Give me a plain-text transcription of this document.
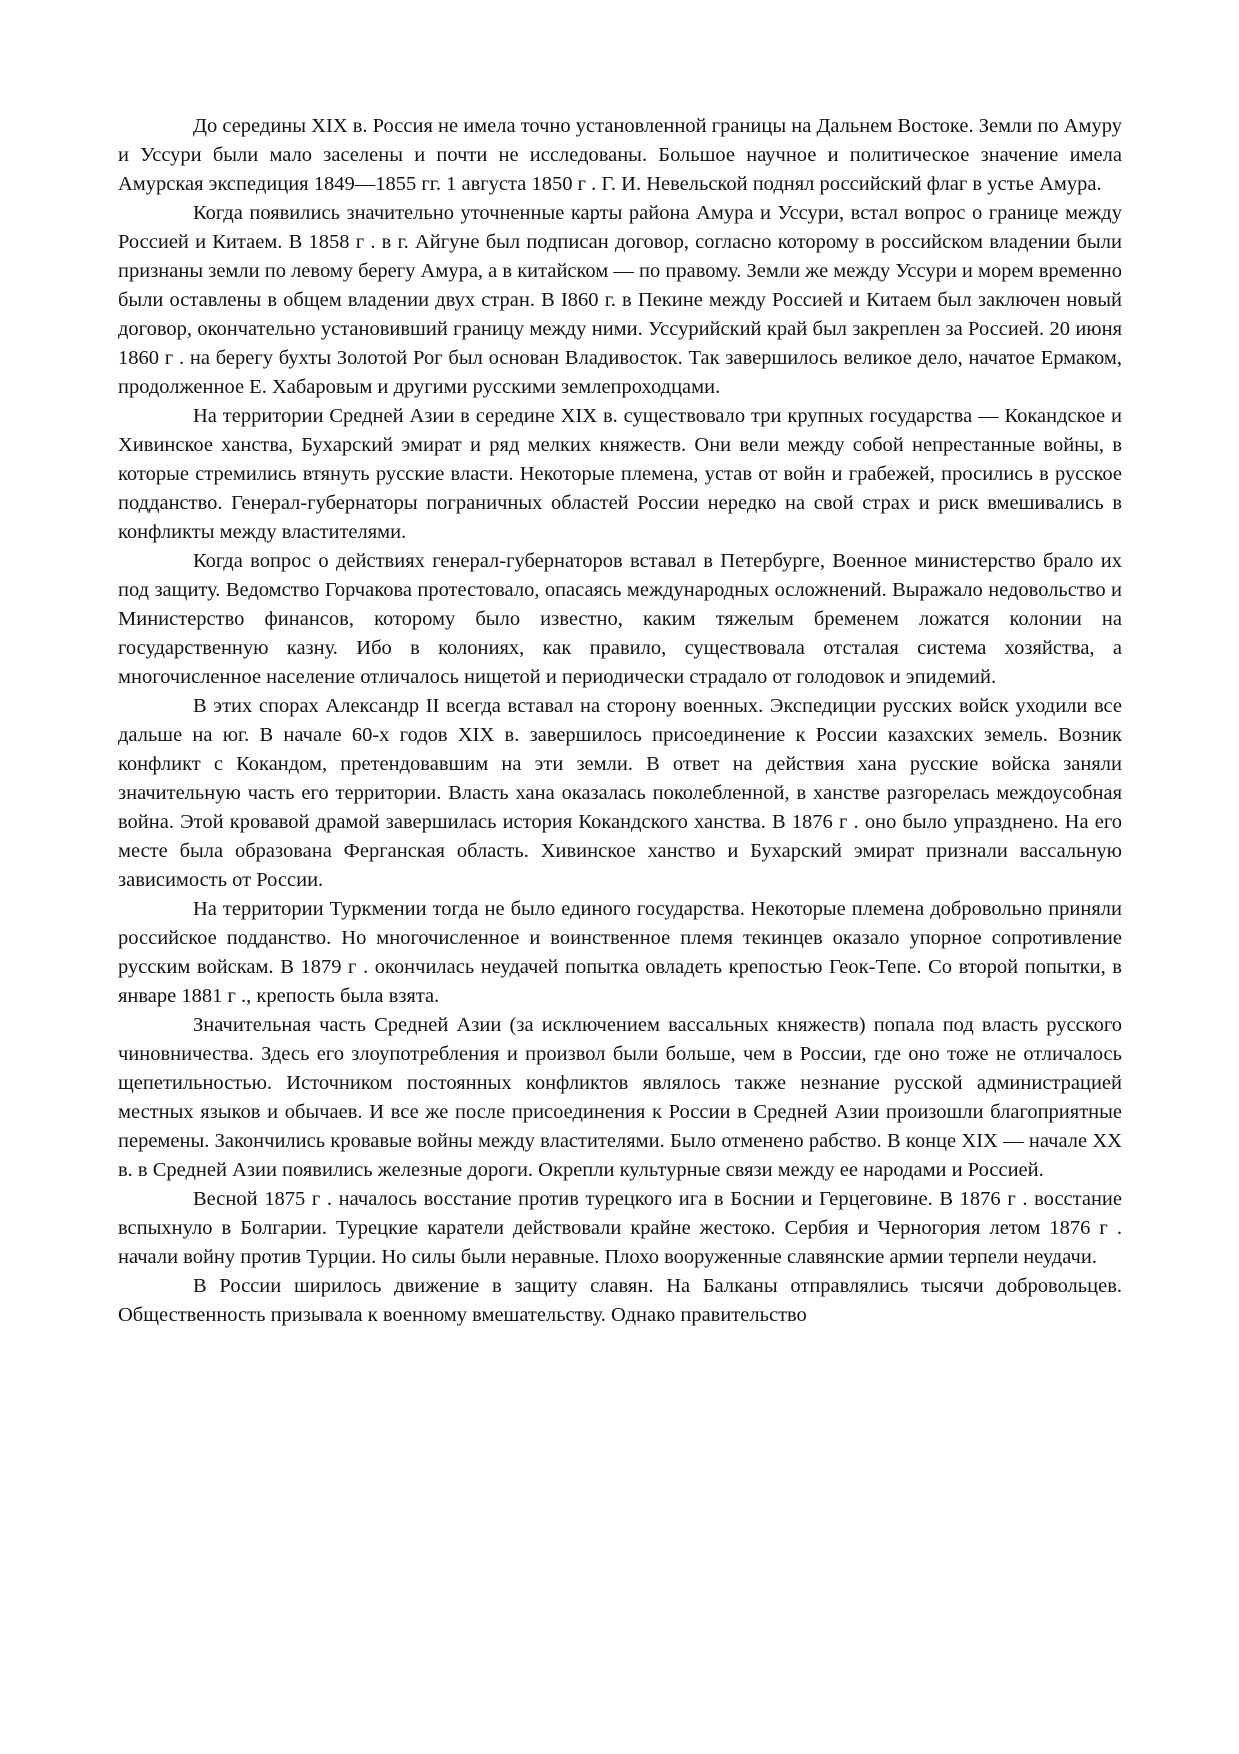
До середины XIX в. Россия не имела точно установленной границы на Дальнем Востоке. Земли по Амуру и Уссури были мало заселены и почти не исследованы. Большое научное и политическое значение имела Амурская экспедиция 1849—1855 гг. 1 августа 1850 г . Г. И. Невельской поднял российский флаг в устье Амура.

Когда появились значительно уточненные карты района Амура и Уссури, встал вопрос о границе между Россией и Китаем. В 1858 г . в г. Айгуне был подписан договор, согласно которому в российском владении были признаны земли по левому берегу Амура, а в китайском — по правому. Земли же между Уссури и морем временно были оставлены в общем владении двух стран. В I860 г. в Пекине между Россией и Китаем был заключен новый договор, окончательно установивший границу между ними. Уссурийский край был закреплен за Россией. 20 июня 1860 г . на берегу бухты Золотой Рог был основан Владивосток. Так завершилось великое дело, начатое Ермаком, продолженное Е. Хабаровым и другими русскими землепроходцами.

На территории Средней Азии в середине XIX в. существовало три крупных государства — Кокандское и Хивинское ханства, Бухарский эмират и ряд мелких княжеств. Они вели между собой непрестанные войны, в которые стремились втянуть русские власти. Некоторые племена, устав от войн и грабежей, просились в русское подданство. Генерал-губернаторы пограничных областей России нередко на свой страх и риск вмешивались в конфликты между властителями.

Когда вопрос о действиях генерал-губернаторов вставал в Петербурге, Военное министерство брало их под защиту. Ведомство Горчакова протестовало, опасаясь международных осложнений. Выражало недовольство и Министерство финансов, которому было известно, каким тяжелым бременем ложатся колонии на государственную казну. Ибо в колониях, как правило, существовала отсталая система хозяйства, а многочисленное население отличалось нищетой и периодически страдало от голодовок и эпидемий.

В этих спорах Александр II всегда вставал на сторону военных. Экспедиции русских войск уходили все дальше на юг. В начале 60-х годов XIX в. завершилось присоединение к России казахских земель. Возник конфликт с Кокандом, претендовавшим на эти земли. В ответ на действия хана русские войска заняли значительную часть его территории. Власть хана оказалась поколебленной, в ханстве разгорелась междоусобная война. Этой кровавой драмой завершилась история Кокандского ханства. В 1876 г . оно было упразднено. На его месте была образована Ферганская область. Хивинское ханство и Бухарский эмират признали вассальную зависимость от России.

На территории Туркмении тогда не было единого государства. Некоторые племена добровольно приняли российское подданство. Но многочисленное и воинственное племя текинцев оказало упорное сопротивление русским войскам. В 1879 г . окончилась неудачей попытка овладеть крепостью Геок-Тепе. Со второй попытки, в январе 1881 г ., крепость была взята.

Значительная часть Средней Азии (за исключением вассальных княжеств) попала под власть русского чиновничества. Здесь его злоупотребления и произвол были больше, чем в России, где оно тоже не отличалось щепетильностью. Источником постоянных конфликтов являлось также незнание русской администрацией местных языков и обычаев. И все же после присоединения к России в Средней Азии произошли благоприятные перемены. Закончились кровавые войны между властителями. Было отменено рабство. В конце XIX — начале XX в. в Средней Азии появились железные дороги. Окрепли культурные связи между ее народами и Россией.

Весной 1875 г . началось восстание против турецкого ига в Боснии и Герцеговине. В 1876 г . восстание вспыхнуло в Болгарии. Турецкие каратели действовали крайне жестоко. Сербия и Черногория летом 1876 г . начали войну против Турции. Но силы были неравные. Плохо вооруженные славянские армии терпели неудачи.

В России ширилось движение в защиту славян. На Балканы отправлялись тысячи добровольцев. Общественность призывала к военному вмешательству. Однако правительство
